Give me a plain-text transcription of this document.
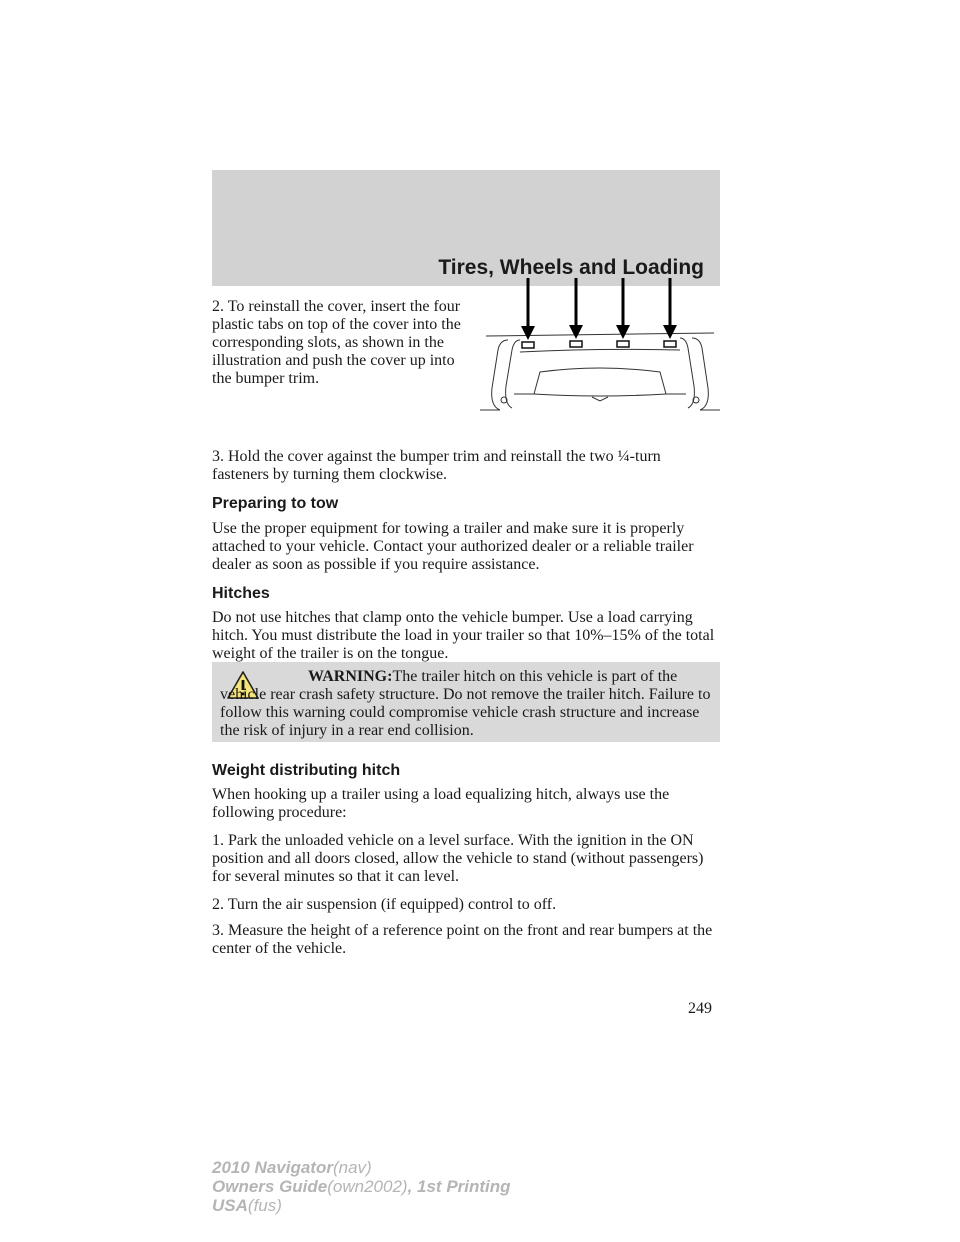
Tires, Wheels and Loading

2. To reinstall the cover, insert the four plastic tabs on top of the cover into the corresponding slots, as shown in the illustration and push the cover up into the bumper trim.

3. Hold the cover against the bumper trim and reinstall the two ¼-turn fasteners by turning them clockwise.

Preparing to tow

Use the proper equipment for towing a trailer and make sure it is properly attached to your vehicle. Contact your authorized dealer or a reliable trailer dealer as soon as possible if you require assistance.

Hitches

Do not use hitches that clamp onto the vehicle bumper. Use a load carrying hitch. You must distribute the load in your trailer so that 10%–15% of the total weight of the trailer is on the tongue.

WARNING:The trailer hitch on this vehicle is part of the vehicle rear crash safety structure. Do not remove the trailer hitch. Failure to follow this warning could compromise vehicle crash structure and increase the risk of injury in a rear end collision.

Weight distributing hitch

When hooking up a trailer using a load equalizing hitch, always use the following procedure:

1. Park the unloaded vehicle on a level surface. With the ignition in the ON position and all doors closed, allow the vehicle to stand (without passengers) for several minutes so that it can level.

2. Turn the air suspension (if equipped) control to off.

3. Measure the height of a reference point on the front and rear bumpers at the center of the vehicle.

249
2010 Navigator(nav)
Owners Guide(own2002), 1st Printing
USA(fus)
